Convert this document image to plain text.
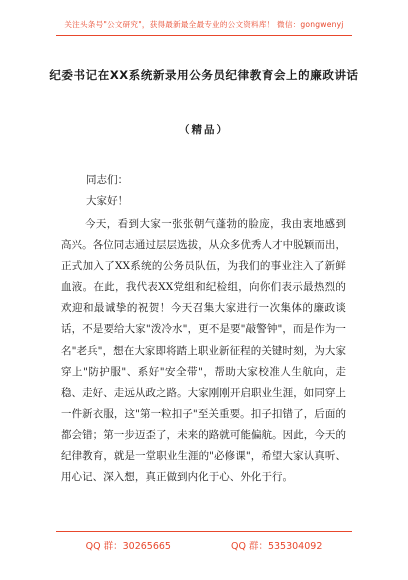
关注头条号"公文研究"，获得最新最全最专业的公文资料库！ 微信：gongwenyj
纪委书记在XX系统新录用公务员纪律教育会上的廉政讲话
（精品）
同志们：
大家好！
今天，看到大家一张张朝气蓬勃的脸庞，我由衷地感到高兴。各位同志通过层层选拔，从众多优秀人才中脱颖而出，正式加入了XX系统的公务员队伍，为我们的事业注入了新鲜血液。在此，我代表XX党组和纪检组，向你们表示最热烈的欢迎和最诚挚的祝贺！今天召集大家进行一次集体的廉政谈话，不是要给大家"泼冷水"，更不是要"敲警钟"，而是作为一名"老兵"，想在大家即将踏上职业新征程的关键时刻，为大家穿上"防护服"、系好"安全带"，帮助大家校准人生航向，走稳、走好、走远从政之路。大家刚刚开启职业生涯，如同穿上一件新衣服，这"第一粒扣子"至关重要。扣子扣错了，后面的都会错；第一步迈歪了，未来的路就可能偏航。因此，今天的纪律教育，就是一堂职业生涯的"必修课"，希望大家认真听、用心记、深入想，真正做到内化于心、外化于行。
QQ 群：30265665	QQ 群：535304092
